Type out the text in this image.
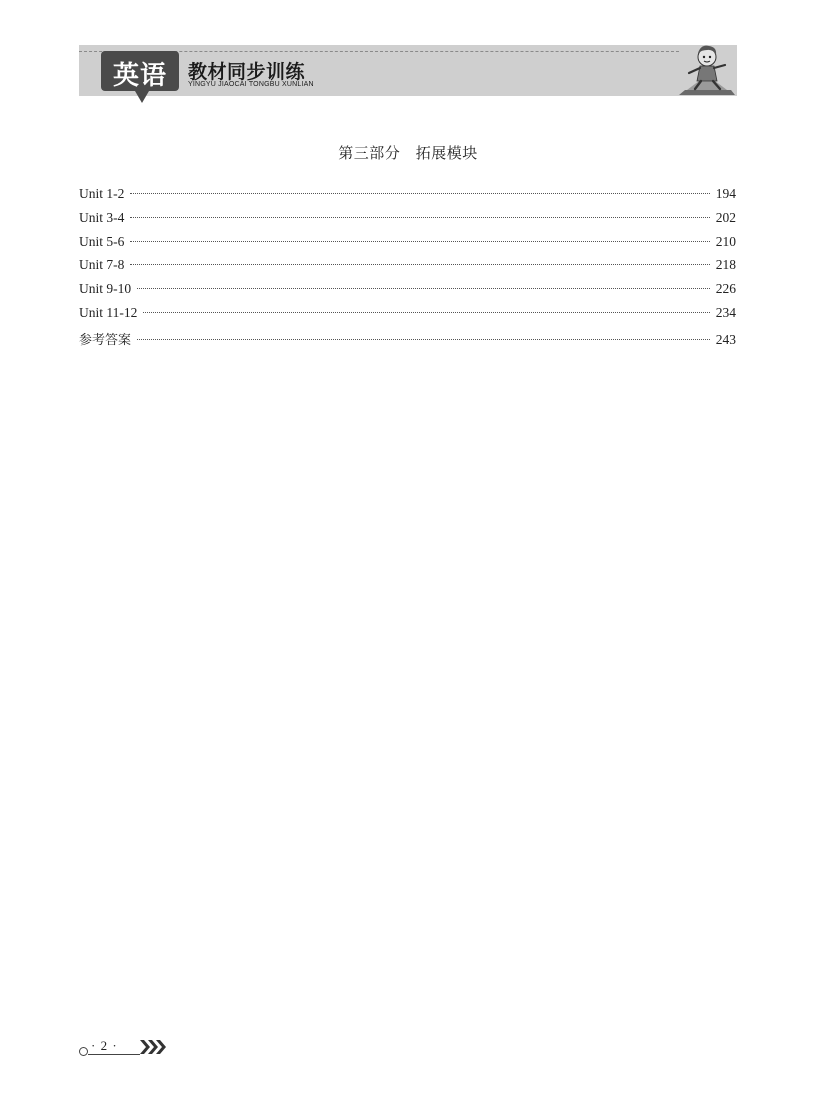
英语	教材同步训练
YINGYU JIAOCAI TONGBU XUNLIAN
第三部分　拓展模块
Unit 1-2	194
Unit 3-4	202
Unit 5-6	210
Unit 7-8	218
Unit 9-10	226
Unit 11-12	234
参考答案	243
· 2 ·
